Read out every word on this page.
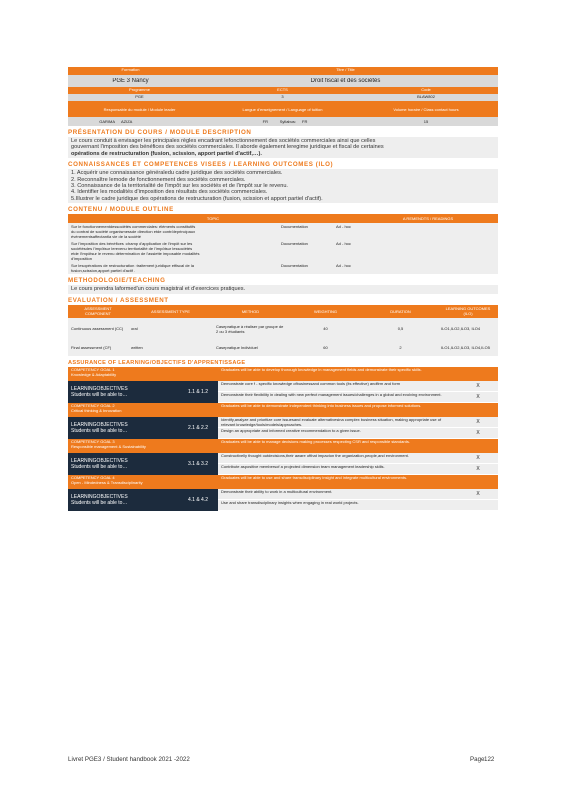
Formation	Titre / Title
PGE 3 Nancy	Droit fiscal et des sociétés
Programme	ECTS	Code
PGE	3	BLAW802
Responsable du module / Module leader	Langue d'enseignement / Language of tuition	Volume horaire / Class contact hours
GARIMA	AZIZA	FR	Syllabus:	FR	15
PRÉSENTATION DU COURS / MODULE DESCRIPTION
Le cours conduit à envisager les principales règles encadrant lefonctionnement des sociétés commerciales ainsi que celles
gouvernant l'imposition des bénéfices des sociétés commerciales. Il aborde également leregime juridique et fiscal de certaines
opérations de restructuration (fusion, scission, apport partiel d'actif,…).
CONNAISSANCES ET COMPETENCES VISEES / LEARNING OUTCOMES (ILO)
1. Acquérir une connaissance généraledu cadre juridique des sociétés commerciales.
2. Reconnaître lemode de fonctionnement des sociétés commerciales.
3. Connaissance de la territorialité de l'impôt sur les sociétés et de l'impôt sur le revenu.
4. Identifier les modalités d'imposition des résultats des sociétés commerciales.
5.Illustrer le cadre juridique des opérations de restructuration (fusion, scission et apport partiel d'actif).
CONTENU / MODULE OUTLINE
TOPIC	A REMENDTS / READINGS
Sur le fonctionnementdessociétés commerciales: éléments constitutifs
du contrat de société organismessde direction etde contrôleprincipaux
événementsaffectantla vie de la société
Documentation	Ad - hoc
Sur l'imposition des bénéfices :champ d'application de l'impôt sur les
sociétésdes l'impôtsur lerevenu territorialité de l'impôtsur lessociétés
etde l'impôtsur le revenu détermination de l'assiette imposable modalités
d'imposition
Documentation	Ad - hoc
Sur lesopérations de restructuration :traitement juridique etfiscal de la
fusion,scission,apport partiel d'actif .
Documentation	Ad - hoc
METHODOLOGIE/TEACHING
Le cours prendra laformed'un cours magistral et d'exercices pratiques.
EVALUATION / ASSESSMENT
ASSESSMENT COMPONENT	ASSESSMENT TYPE	METHOD	WEIGHTING	DURATION	LEARNING OUTCOMES (ILO)
Continuous assessment (CC)	oral	Casepratique à réaliser par groupe de 2 ou 3 étudiants	40	0,5	ILO1,ILO2,ILO3, ILO4
Final assessment (CF)	written	Casepratique Individuel	60	2	ILO1,ILO2,ILO3, ILO4,ILO5
ASSURANCE OF LEARNING/OBJECTIFS D'APPRENTISSAGE
COMPETENCY GOAL 1
Knowledge & Adaptability
Graduates will be able to develop thorough knowledge in management fields and demonstrate their specific skills.
LEARNINGOBJECTIVES
Students will be able to…	1.1 & 1.2
Demonstrate core f - specific knowledge ofbusinessand common tools (its effective) andfirm and form	X
Demonstrate their flexibility in dealing with new perfect management issues/challenges in a global and evolving environment.	X
COMPETENCY GOAL 2
Critical thinking & Innovation
Graduates will be able to demonstrate independent thinking into business issues and propose informed solutions.
LEARNINGOBJECTIVES
Students will be able to…	2.1 & 2.2
Identify,analyze and prioritize core issuesand evaluate alternativesina complex business situation, making appropriate use of relevant knowledge/tools/models/approaches.	X
Design an appropriate and informed creative recommendation to a given issue.	X
COMPETENCY GOAL 3
Responsible management & Sustainability
Graduates will be able to manage decisions making processes respecting CSR and responsible standards.
LEARNINGOBJECTIVES
Students will be able to…	3.1 & 3.2
Constructivelly thought outdecisions,their aware ofthat impacton the organization,people,and environment.	X
Contribute aspositive membersof a projected dimension team management leadership skills.	X
COMPETENCY GOAL 4
Open - Mindedness & Transdisciplinarity
Graduates will be able to use and share transdisciplinary insight and integrate multicultural environments.
LEARNINGOBJECTIVES
Students will be able to…	4.1 & 4.2
Demonstrate their ability to work in a multicultural environment.	X
Use and share transdisciplinary insights when engaging in real world projects.
Livret PGE3 / Student handbook 2021 -2022	Page 122
